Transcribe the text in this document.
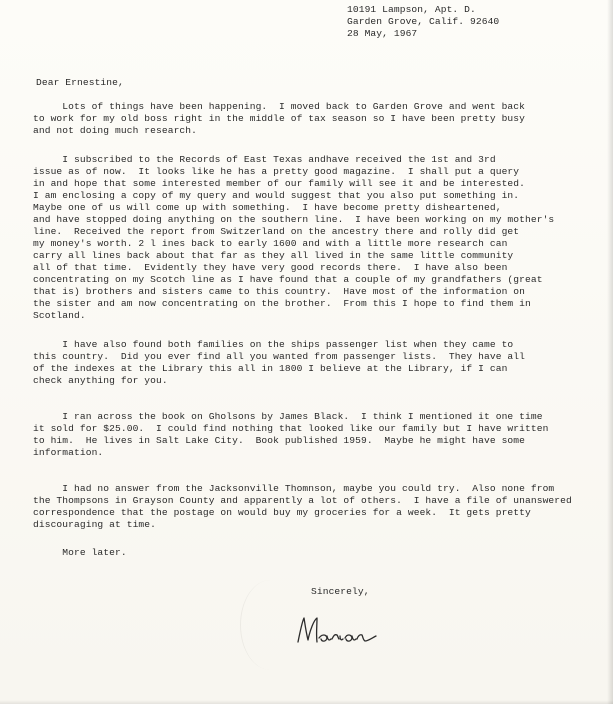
10191 Lampson, Apt. D.
Garden Grove, Calif. 92640
28 May, 1967
Dear Ernestine,
Lots of things have been happening.  I moved back to Garden Grove and went back
to work for my old boss right in the middle of tax season so I have been pretty busy
and not doing much research.
I subscribed to the Records of East Texas andhave received the 1st and 3rd
issue as of now.  It looks like he has a pretty good magazine.  I shall put a query
in and hope that some interested member of our family will see it and be interested.
I am enclosing a copy of my query and would suggest that you also put something in.
Maybe one of us will come up with something.  I have become pretty disheartened,
and have stopped doing anything on the southern line.  I have been working on my mother's
line.  Received the report from Switzerland on the ancestry there and rolly did get
my money's worth. 2 l ines back to early 1600 and with a little more research can
carry all lines back about that far as they all lived in the same little community
all of that time.  Evidently they have very good records there.  I have also been
concentrating on my Scotch line as I have found that a couple of my grandfathers (great
that is) brothers and sisters came to this country.  Have most of the information on
the sister and am now concentrating on the brother.  From this I hope to find them in
Scotland.
I have also found both families on the ships passenger list when they came to
this country.  Did you ever find all you wanted from passenger lists.  They have all
of the indexes at the Library this all in 1800 I believe at the Library, if I can
check anything for you.
I ran across the book on Gholsons by James Black.  I think I mentioned it one time
it sold for $25.00.  I could find nothing that looked like our family but I have written
to him.  He lives in Salt Lake City.  Book published 1959.  Maybe he might have some
information.
I had no answer from the Jacksonville Thomnson, maybe you could try.  Also none from
the Thompsons in Grayson County and apparently a lot of others.  I have a file of unanswered
correspondence that the postage on would buy my groceries for a week.  It gets pretty
discouraging at time.
More later.
Sincerely,
